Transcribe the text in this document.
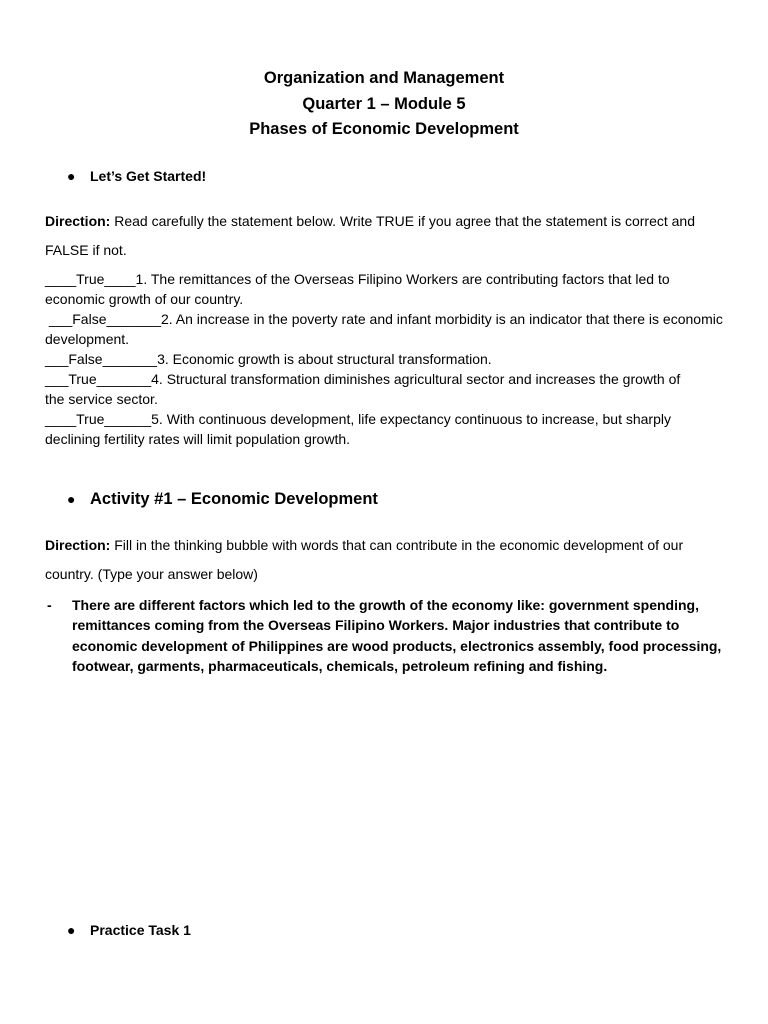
Organization and Management
Quarter 1 – Module 5
Phases of Economic Development
● Let’s Get Started!
Direction: Read carefully the statement below. Write TRUE if you agree that the statement is correct and FALSE if not.

____True____1. The remittances of the Overseas Filipino Workers are contributing factors that led to

economic growth of our country.

___False_______2. An increase in the poverty rate and infant morbidity is an indicator that there is economic

development.

___False_______3. Economic growth is about structural transformation.

___True_______4. Structural transformation diminishes agricultural sector and increases the growth of

the service sector.

____True______5. With continuous development, life expectancy continuous to increase, but sharply

declining fertility rates will limit population growth.

● Activity #1 – Economic Development
Direction: Fill in the thinking bubble with words that can contribute in the economic development of our country. (Type your answer below)
- There are different factors which led to the growth of the economy like: government spending, remittances coming from the Overseas Filipino Workers. Major industries that contribute to economic development of Philippines are wood products, electronics assembly, food processing, footwear, garments, pharmaceuticals, chemicals, petroleum refining and fishing.
● Practice Task 1
